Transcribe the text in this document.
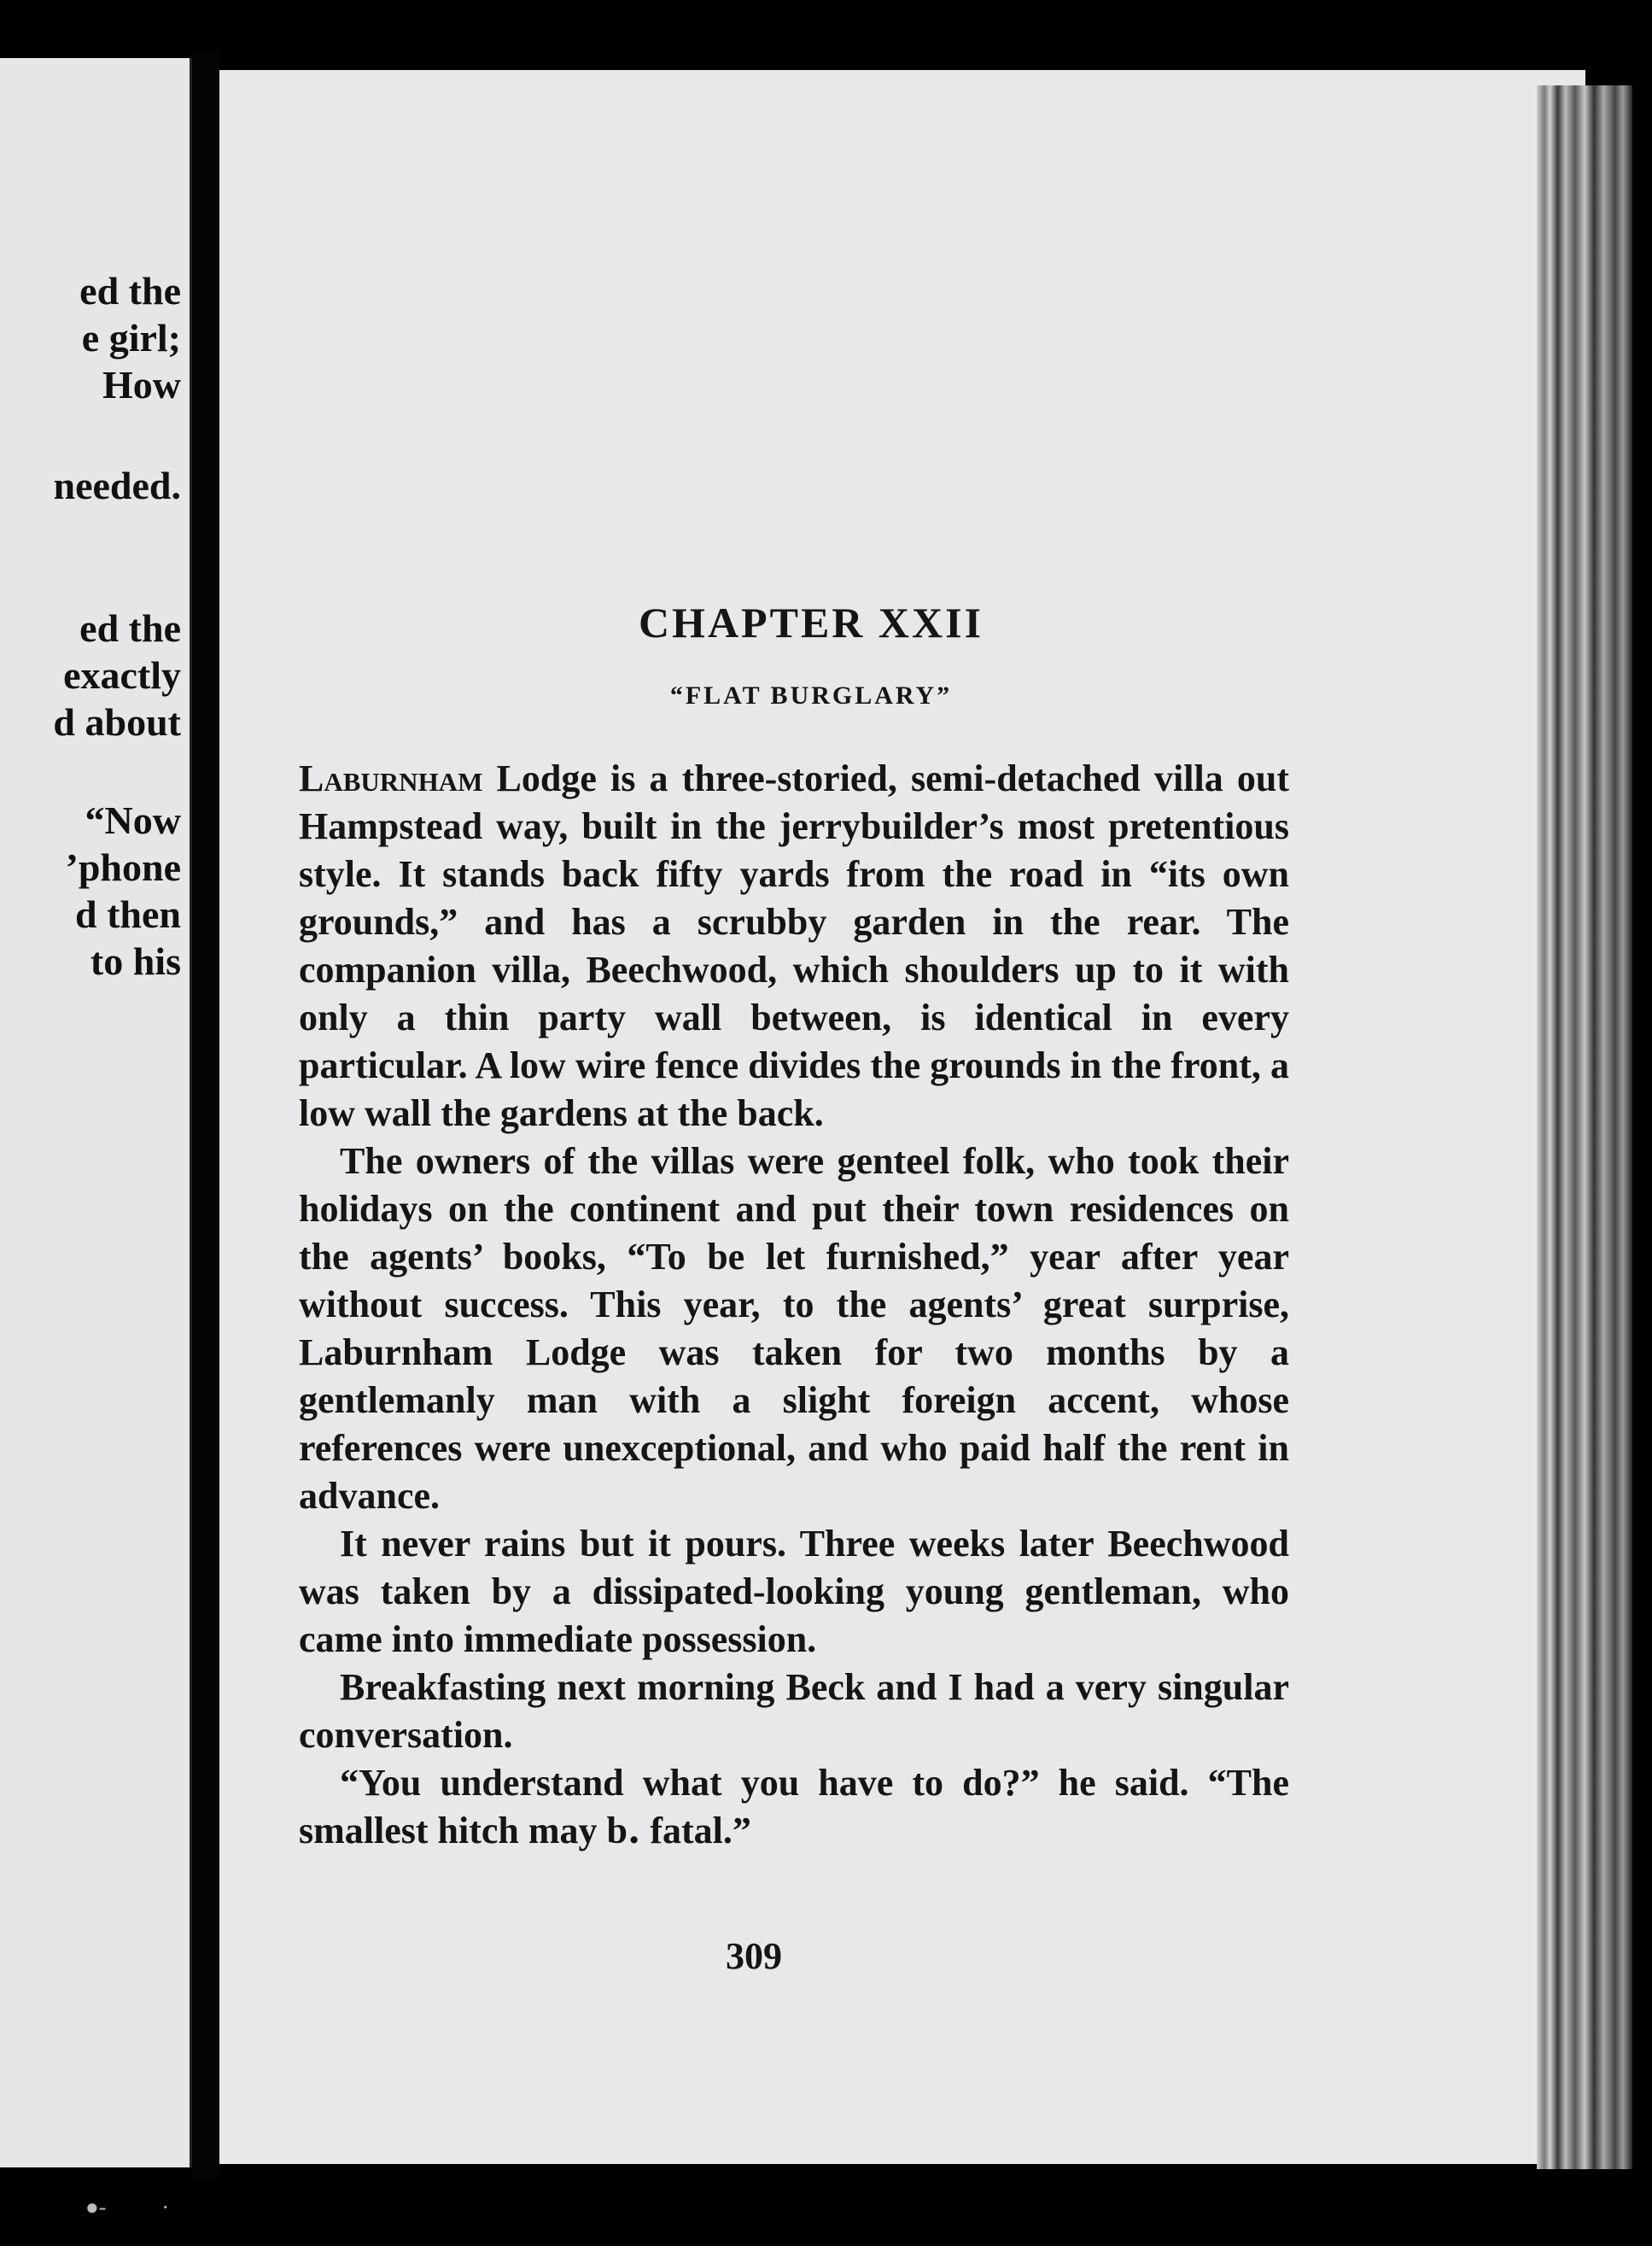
ed the
e girl;
How
needed.
ed the
exactly
d about
“Now
’phone
d then
to his
CHAPTER XXII
“FLAT BURGLARY”

Laburnham Lodge is a three-storied, semi-detached villa out Hampstead way, built in the jerrybuilder’s most pretentious style. It stands back fifty yards from the road in “its own grounds,” and has a scrubby garden in the rear. The companion villa, Beechwood, which shoulders up to it with only a thin party wall between, is identical in every particular. A low wire fence divides the grounds in the front, a low wall the gardens at the back.

The owners of the villas were genteel folk, who took their holidays on the continent and put their town residences on the agents’ books, “To be let furnished,” year after year without success. This year, to the agents’ great surprise, Laburnham Lodge was taken for two months by a gentlemanly man with a slight foreign accent, whose references were unexceptional, and who paid half the rent in advance.

It never rains but it pours. Three weeks later Beechwood was taken by a dissipated-looking young gentleman, who came into immediate possession.

Breakfasting next morning Beck and I had a very singular conversation.

“You understand what you have to do?” he said. “The smallest hitch may b․ fatal.”

309
●-          ·
